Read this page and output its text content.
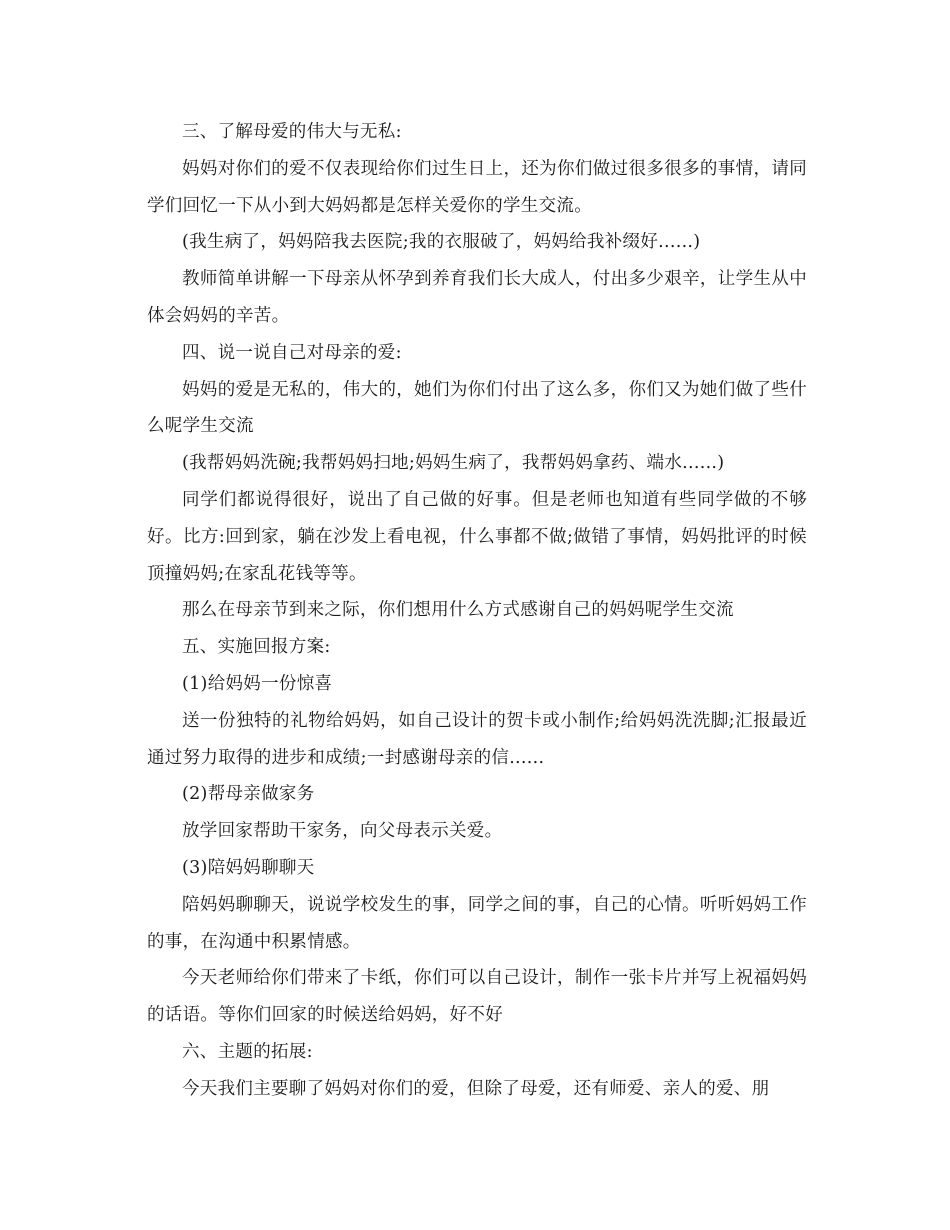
三、了解母爱的伟大与无私:

妈妈对你们的爱不仅表现给你们过生日上，还为你们做过很多很多的事情，请同学们回忆一下从小到大妈妈都是怎样关爱你的学生交流。

(我生病了，妈妈陪我去医院;我的衣服破了，妈妈给我补缀好......)

教师简单讲解一下母亲从怀孕到养育我们长大成人，付出多少艰辛，让学生从中体会妈妈的辛苦。

四、说一说自己对母亲的爱:

妈妈的爱是无私的，伟大的，她们为你们付出了这么多，你们又为她们做了些什么呢学生交流

(我帮妈妈洗碗;我帮妈妈扫地;妈妈生病了，我帮妈妈拿药、端水......)

同学们都说得很好，说出了自己做的好事。但是老师也知道有些同学做的不够好。比方:回到家，躺在沙发上看电视，什么事都不做;做错了事情，妈妈批评的时候顶撞妈妈;在家乱花钱等等。

那么在母亲节到来之际，你们想用什么方式感谢自己的妈妈呢学生交流

五、实施回报方案:

(1)给妈妈一份惊喜

送一份独特的礼物给妈妈，如自己设计的贺卡或小制作;给妈妈洗洗脚;汇报最近通过努力取得的进步和成绩;一封感谢母亲的信......

(2)帮母亲做家务

放学回家帮助干家务，向父母表示关爱。

(3)陪妈妈聊聊天

陪妈妈聊聊天，说说学校发生的事，同学之间的事，自己的心情。听听妈妈工作的事，在沟通中积累情感。

今天老师给你们带来了卡纸，你们可以自己设计，制作一张卡片并写上祝福妈妈的话语。等你们回家的时候送给妈妈，好不好

六、主题的拓展:

今天我们主要聊了妈妈对你们的爱，但除了母爱，还有师爱、亲人的爱、朋
